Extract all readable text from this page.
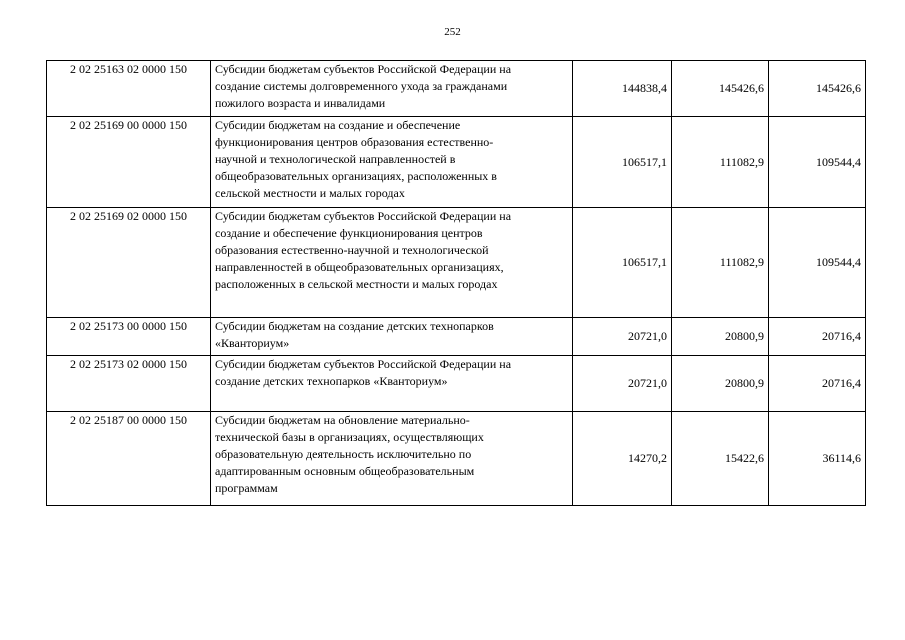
252
2 02 25163 02 0000 150	Субсидии бюджетам субъектов Российской Федерации на
создание системы долговременного ухода за гражданами
пожилого возраста и инвалидами	144838,4	145426,6	145426,6
2 02 25169 00 0000 150	Субсидии бюджетам на создание и обеспечение
функционирования центров образования естественно-
научной и технологической направленностей в
общеобразовательных организациях, расположенных в
сельской местности и малых городах	106517,1	111082,9	109544,4
2 02 25169 02 0000 150	Субсидии бюджетам субъектов Российской Федерации на
создание и обеспечение функционирования центров
образования естественно-научной и технологической
направленностей в общеобразовательных организациях,
расположенных в сельской местности и малых городах	106517,1	111082,9	109544,4
2 02 25173 00 0000 150	Субсидии бюджетам на создание детских технопарков
«Кванториум»	20721,0	20800,9	20716,4
2 02 25173 02 0000 150	Субсидии бюджетам субъектов Российской Федерации на
создание детских технопарков «Кванториум»	20721,0	20800,9	20716,4
2 02 25187 00 0000 150	Субсидии бюджетам на обновление материально-
технической базы в организациях, осуществляющих
образовательную деятельность исключительно по
адаптированным основным общеобразовательным
программам	14270,2	15422,6	36114,6
